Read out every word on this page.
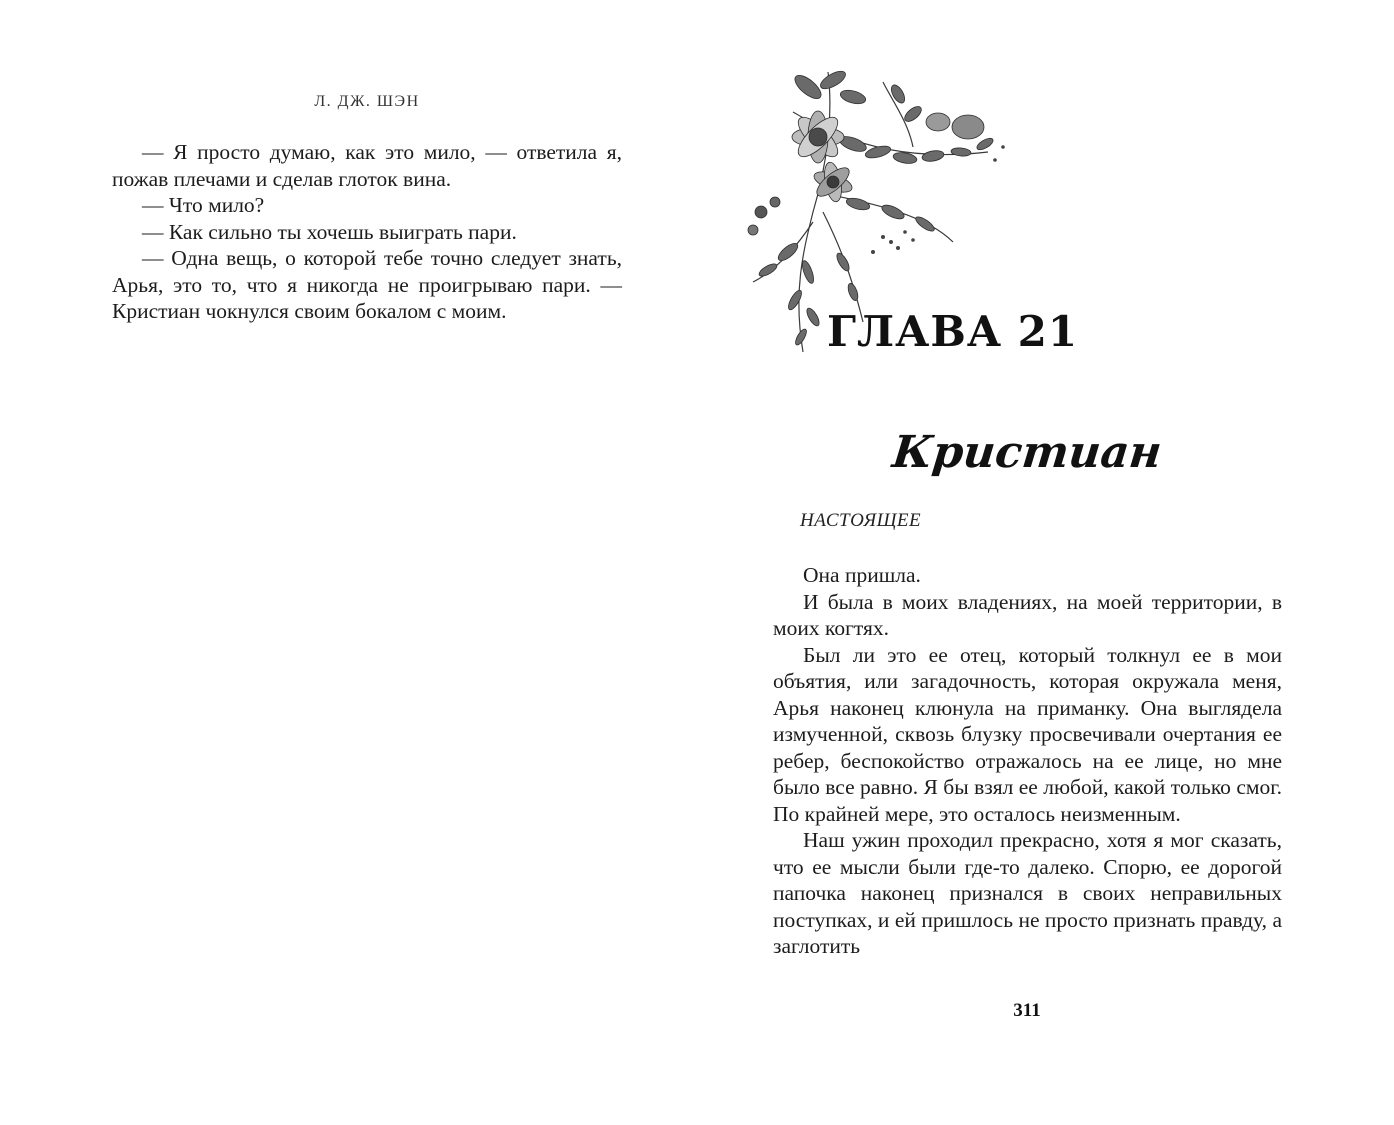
Л. ДЖ. ШЭН

— Я просто думаю, как это мило, — ответила я, пожав плечами и сделав глоток вина.

— Что мило?

— Как сильно ты хочешь выиграть пари.

— Одна вещь, о которой тебе точно следует знать, Арья, это то, что я никогда не проигрываю пари. — Кристиан чокнулся своим бокалом с моим.	ГЛАВА 21
Кристиан
НАСТОЯЩЕЕ

Она пришла.

И была в моих владениях, на моей территории, в моих когтях.

Был ли это ее отец, который толкнул ее в мои объятия, или загадочность, которая окружала меня, Арья наконец клюнула на приманку. Она выглядела измученной, сквозь блузку просвечивали очертания ее ребер, беспокойство отражалось на ее лице, но мне было все равно. Я бы взял ее любой, какой только смог. По крайней мере, это осталось неизменным.

Наш ужин проходил прекрасно, хотя я мог сказать, что ее мысли были где-то далеко. Спорю, ее дорогой папочка наконец признался в своих неправильных поступках, и ей пришлось не просто признать правду, а заглотить

311
